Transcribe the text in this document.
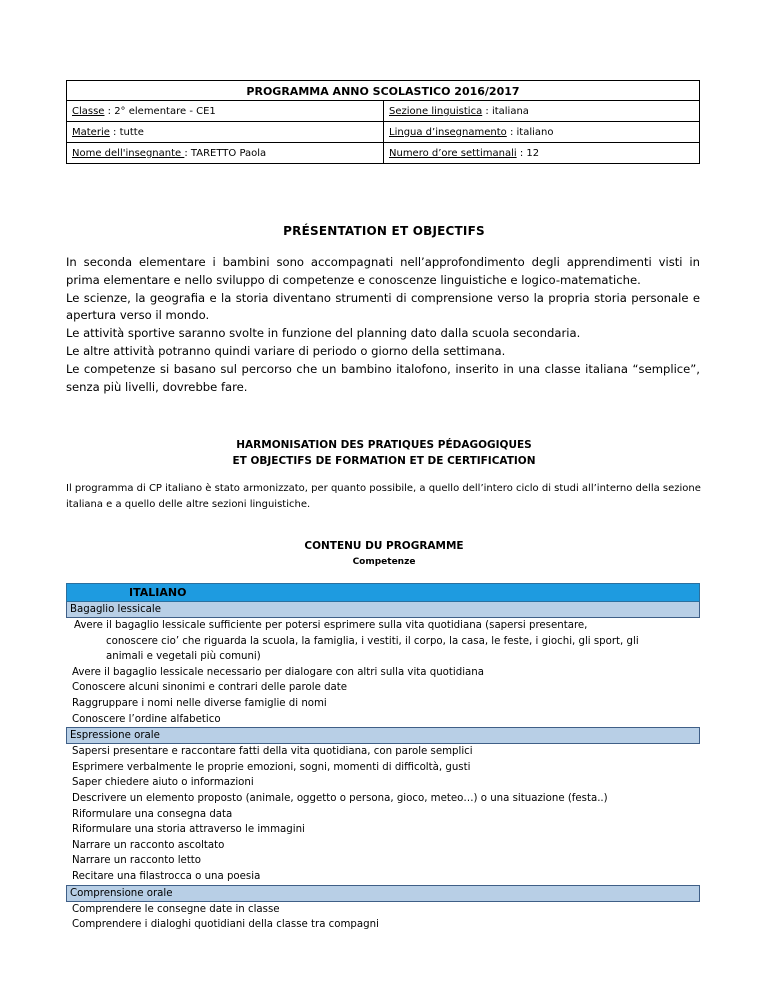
PROGRAMMA ANNO SCOLASTICO 2016/2017	
Classe : 2° elementare - CE1	Sezione linguistica : italiana
Materie : tutte	Lingua d’insegnamento : italiano
Nome dell'insegnante : TARETTO Paola	Numero d’ore settimanali : 12
PRÉSENTATION ET OBJECTIFS

In seconda elementare i bambini sono accompagnati nell’approfondimento degli apprendimenti visti in prima elementare e nello sviluppo di competenze e conoscenze linguistiche e logico-matematiche.

Le scienze, la geografia e la storia diventano strumenti di comprensione verso la propria storia personale e apertura verso il mondo.

Le attività sportive saranno svolte in funzione del planning dato dalla scuola secondaria.

Le altre attività potranno quindi variare di periodo o giorno della settimana.

Le competenze si basano sul percorso che un bambino italofono, inserito in una classe italiana “semplice”, senza più livelli, dovrebbe fare.

HARMONISATION DES PRATIQUES PÉDAGOGIQUES
ET OBJECTIFS DE FORMATION ET DE CERTIFICATION
Il programma di CP italiano è stato armonizzato, per quanto possibile, a quello dell’intero ciclo di studi all’interno della sezione italiana e a quello delle altre sezioni linguistiche.
CONTENU DU PROGRAMME
Competenze
ITALIANO
Bagaglio lessicale
Avere il bagaglio lessicale sufficiente per potersi esprimere sulla vita quotidiana (sapersi presentare,
conoscere cio’ che riguarda la scuola, la famiglia, i vestiti, il corpo, la casa, le feste, i giochi, gli sport, gli
animali e vegetali più comuni)
Avere il bagaglio lessicale necessario per dialogare con altri sulla vita quotidiana
Conoscere alcuni sinonimi e contrari delle parole date
Raggruppare i nomi nelle diverse famiglie di nomi
Conoscere l’ordine alfabetico
Espressione orale
Sapersi presentare e raccontare fatti della vita quotidiana, con parole semplici
Esprimere verbalmente le proprie emozioni, sogni, momenti di difficoltà, gusti
Saper chiedere aiuto o informazioni
Descrivere un elemento proposto (animale, oggetto o persona, gioco, meteo…) o una situazione (festa..)
Riformulare una consegna data
Riformulare una storia attraverso le immagini
Narrare un racconto ascoltato
Narrare un racconto letto
Recitare una filastrocca o una poesia
Comprensione orale
Comprendere le consegne date in classe
Comprendere i dialoghi quotidiani della classe tra compagni
